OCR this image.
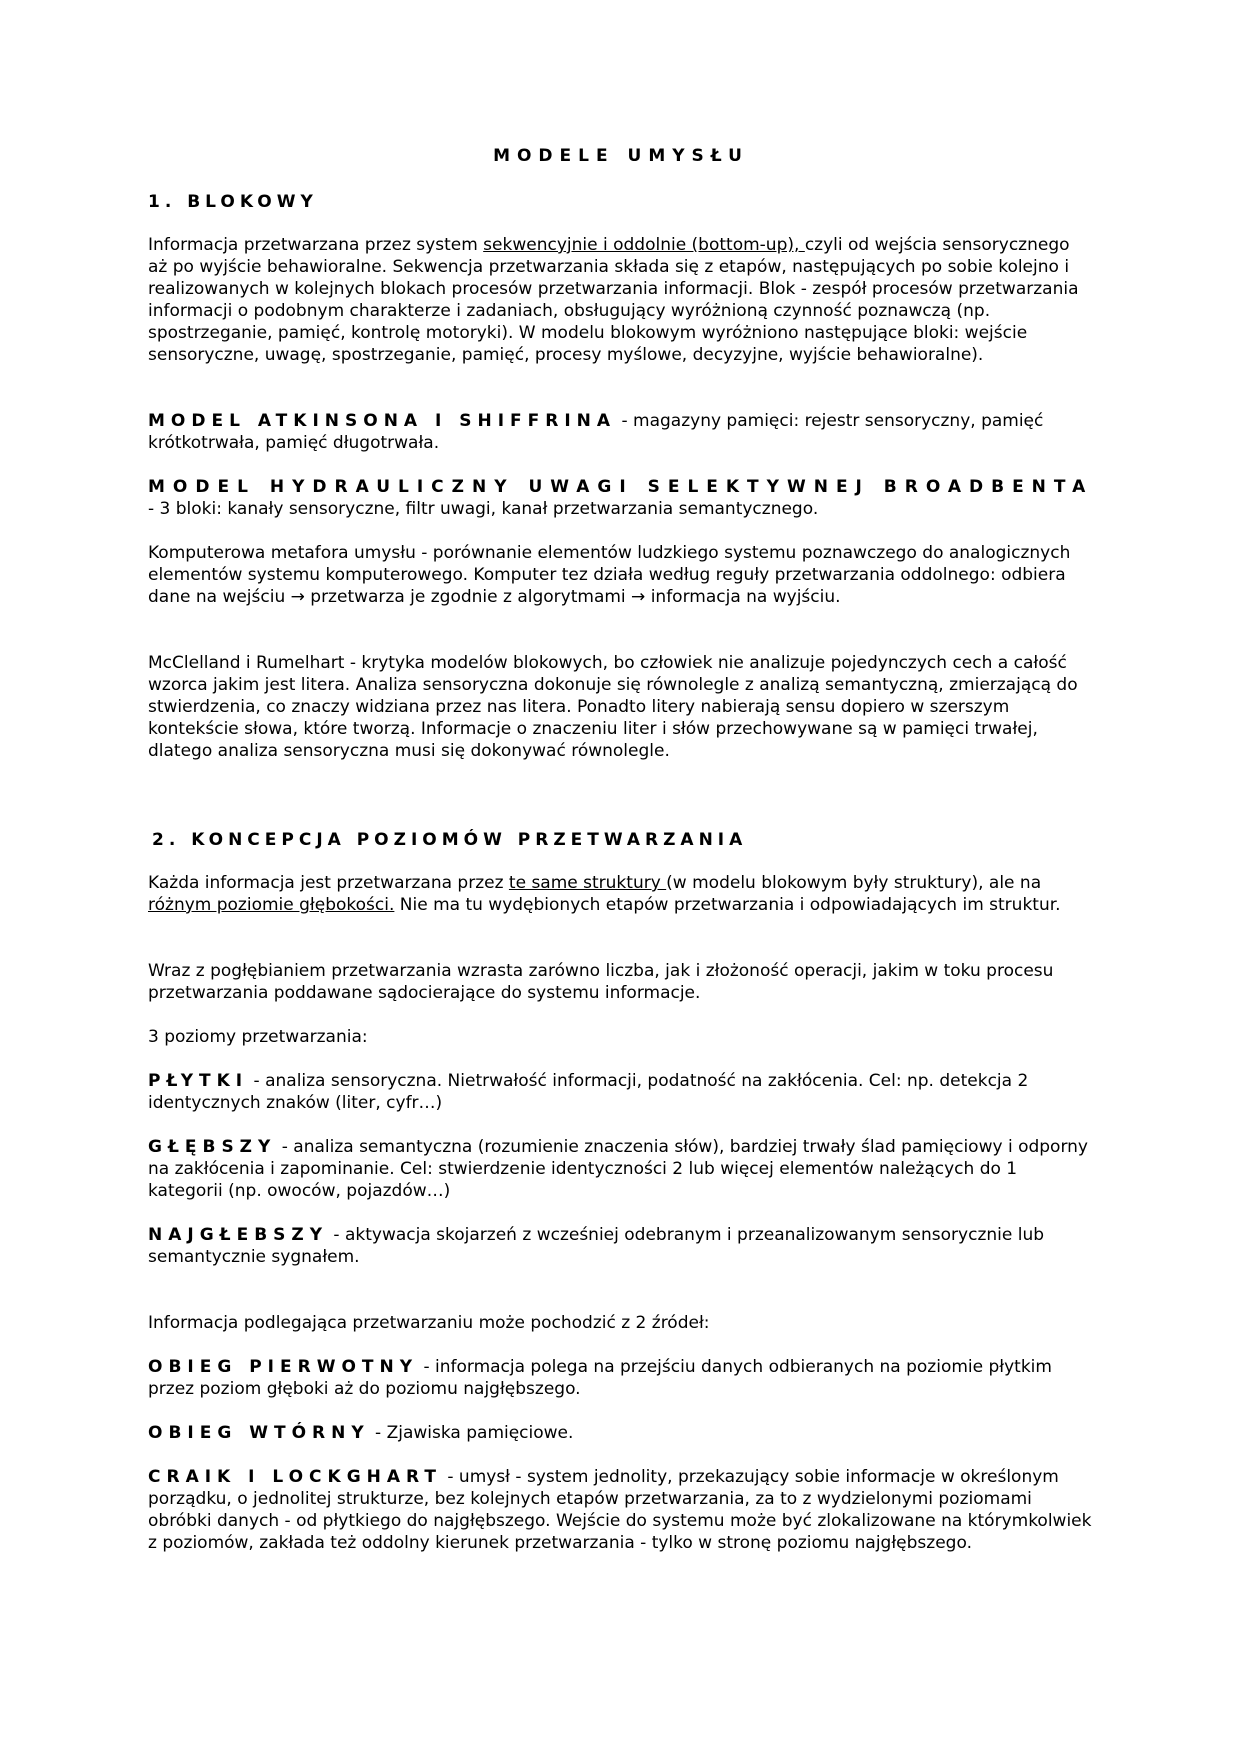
MODELE UMYSŁU
1. BLOKOWY
Informacja przetwarzana przez system sekwencyjnie i oddolnie (bottom-up), czyli od wejścia sensorycznego aż po wyjście behawioralne. Sekwencja przetwarzania składa się z etapów, następujących po sobie kolejno i realizowanych w kolejnych blokach procesów przetwarzania informacji. Blok - zespół procesów przetwarzania informacji o podobnym charakterze i zadaniach, obsługujący wyróżnioną czynność poznawczą (np. spostrzeganie, pamięć, kontrolę motoryki). W modelu blokowym wyróżniono następujące bloki: wejście sensoryczne, uwagę, spostrzeganie, pamięć, procesy myślowe, decyzyjne, wyjście behawioralne).
MODEL ATKINSONA I SHIFFRINA - magazyny pamięci: rejestr sensoryczny, pamięć krótkotrwała, pamięć długotrwała.
MODEL HYDRAULICZNY UWAGI SELEKTYWNEJ BROADBENTA - 3 bloki: kanały sensoryczne, filtr uwagi, kanał przetwarzania semantycznego.
Komputerowa metafora umysłu - porównanie elementów ludzkiego systemu poznawczego do analogicznych elementów systemu komputerowego. Komputer tez działa według reguły przetwarzania oddolnego: odbiera dane na wejściu → przetwarza je zgodnie z algorytmami → informacja na wyjściu.
McClelland i Rumelhart - krytyka modelów blokowych, bo człowiek nie analizuje pojedynczych cech a całość wzorca jakim jest litera. Analiza sensoryczna dokonuje się równolegle z analizą semantyczną, zmierzającą do stwierdzenia, co znaczy widziana przez nas litera. Ponadto litery nabierają sensu dopiero w szerszym kontekście słowa, które tworzą. Informacje o znaczeniu liter i słów przechowywane są w pamięci trwałej, dlatego analiza sensoryczna musi się dokonywać równolegle.
2. KONCEPCJA POZIOMÓW PRZETWARZANIA
Każda informacja jest przetwarzana przez te same struktury (w modelu blokowym były struktury), ale na różnym poziomie głębokości. Nie ma tu wydębionych etapów przetwarzania i odpowiadających im struktur.
Wraz z pogłębianiem przetwarzania wzrasta zarówno liczba, jak i złożoność operacji, jakim w toku procesu przetwarzania poddawane sądocierające do systemu informacje.
3 poziomy przetwarzania:
PŁYTKI - analiza sensoryczna. Nietrwałość informacji, podatność na zakłócenia. Cel: np. detekcja 2 identycznych znaków (liter, cyfr…)
GŁĘBSZY - analiza semantyczna (rozumienie znaczenia słów), bardziej trwały ślad pamięciowy i odporny na zakłócenia i zapominanie. Cel: stwierdzenie identyczności 2 lub więcej elementów należących do 1 kategorii (np. owoców, pojazdów…)
NAJGŁEBSZY - aktywacja skojarzeń z wcześniej odebranym i przeanalizowanym sensorycznie lub semantycznie sygnałem.
Informacja podlegająca przetwarzaniu może pochodzić z 2 źródeł:
OBIEG PIERWOTNY - informacja polega na przejściu danych odbieranych na poziomie płytkim przez poziom głęboki aż do poziomu najgłębszego.
OBIEG WTÓRNY - Zjawiska pamięciowe.
CRAIK I LOCKGHART - umysł - system jednolity, przekazujący sobie informacje w określonym porządku, o jednolitej strukturze, bez kolejnych etapów przetwarzania, za to z wydzielonymi poziomami obróbki danych - od płytkiego do najgłębszego. Wejście do systemu może być zlokalizowane na którymkolwiek z poziomów, zakłada też oddolny kierunek przetwarzania - tylko w stronę poziomu najgłębszego.
